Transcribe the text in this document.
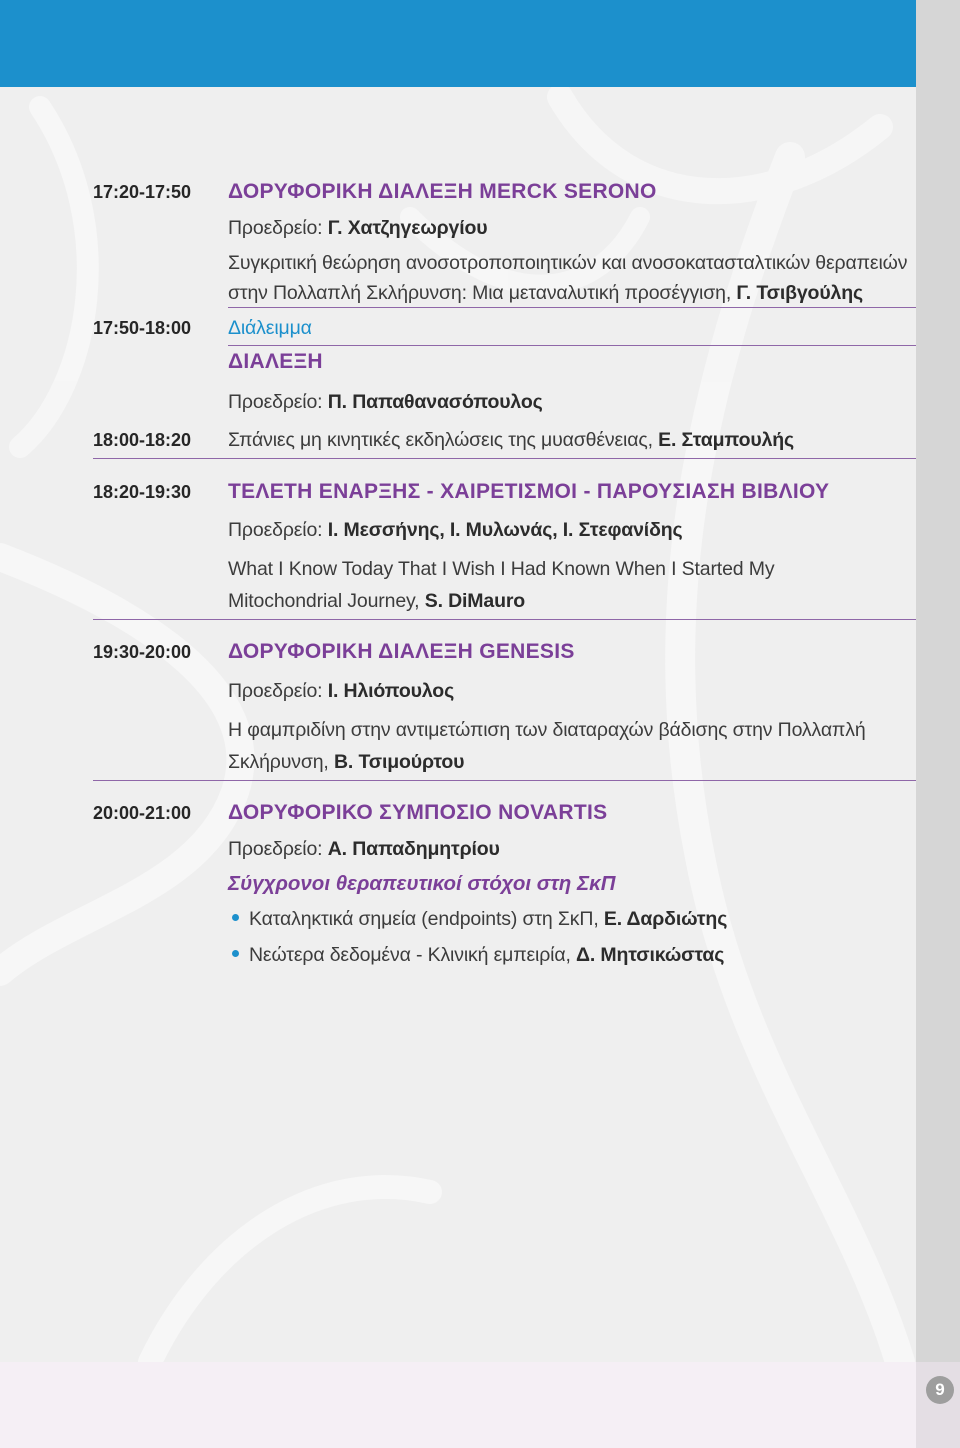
17:20-17:50 ΔΟΡΥΦΟΡΙΚΗ ΔΙΑΛΕΞΗ MERCK SERONO
Προεδρείο: Γ. Χατζηγεωργίου
Συγκριτική θεώρηση ανοσοτροποποιητικών και ανοσοκατασταλτικών θεραπειών
στην Πολλαπλή Σκλήρυνση: Μια μεταναλυτική προσέγγιση, Γ. Τσιβγούλης
17:50-18:00 Διάλειμμα
ΔΙΑΛΕΞΗ
Προεδρείο: Π. Παπαθανασόπουλος
18:00-18:20 Σπάνιες μη κινητικές εκδηλώσεις της μυασθένειας, Ε. Σταμπουλής
18:20-19:30 ΤΕΛΕΤΗ ΕΝΑΡΞΗΣ - ΧΑΙΡΕΤΙΣΜΟΙ - ΠΑΡΟΥΣΙΑΣΗ ΒΙΒΛΙΟΥ
Προεδρείο: Ι. Μεσσήνης, Ι. Μυλωνάς, Ι. Στεφανίδης
What I Know Today That I Wish I Had Known When I Started My
Mitochondrial Journey, S. DiMauro
19:30-20:00 ΔΟΡΥΦΟΡΙΚΗ ΔΙΑΛΕΞΗ GENESIS
Προεδρείο: Ι. Ηλιόπουλος
Η φαμπριδίνη στην αντιμετώπιση των διαταραχών βάδισης στην Πολλαπλή
Σκλήρυνση, Β. Τσιμούρτου
20:00-21:00 ΔΟΡΥΦΟΡΙΚΟ ΣΥΜΠΟΣΙΟ NOVARTIS
Προεδρείο: Α. Παπαδημητρίου
Σύγχρονοι θεραπευτικοί στόχοι στη ΣκΠ
Καταληκτικά σημεία (endpoints) στη ΣκΠ, Ε. Δαρδιώτης
Νεώτερα δεδομένα - Κλινική εμπειρία, Δ. Μητσικώστας
9
